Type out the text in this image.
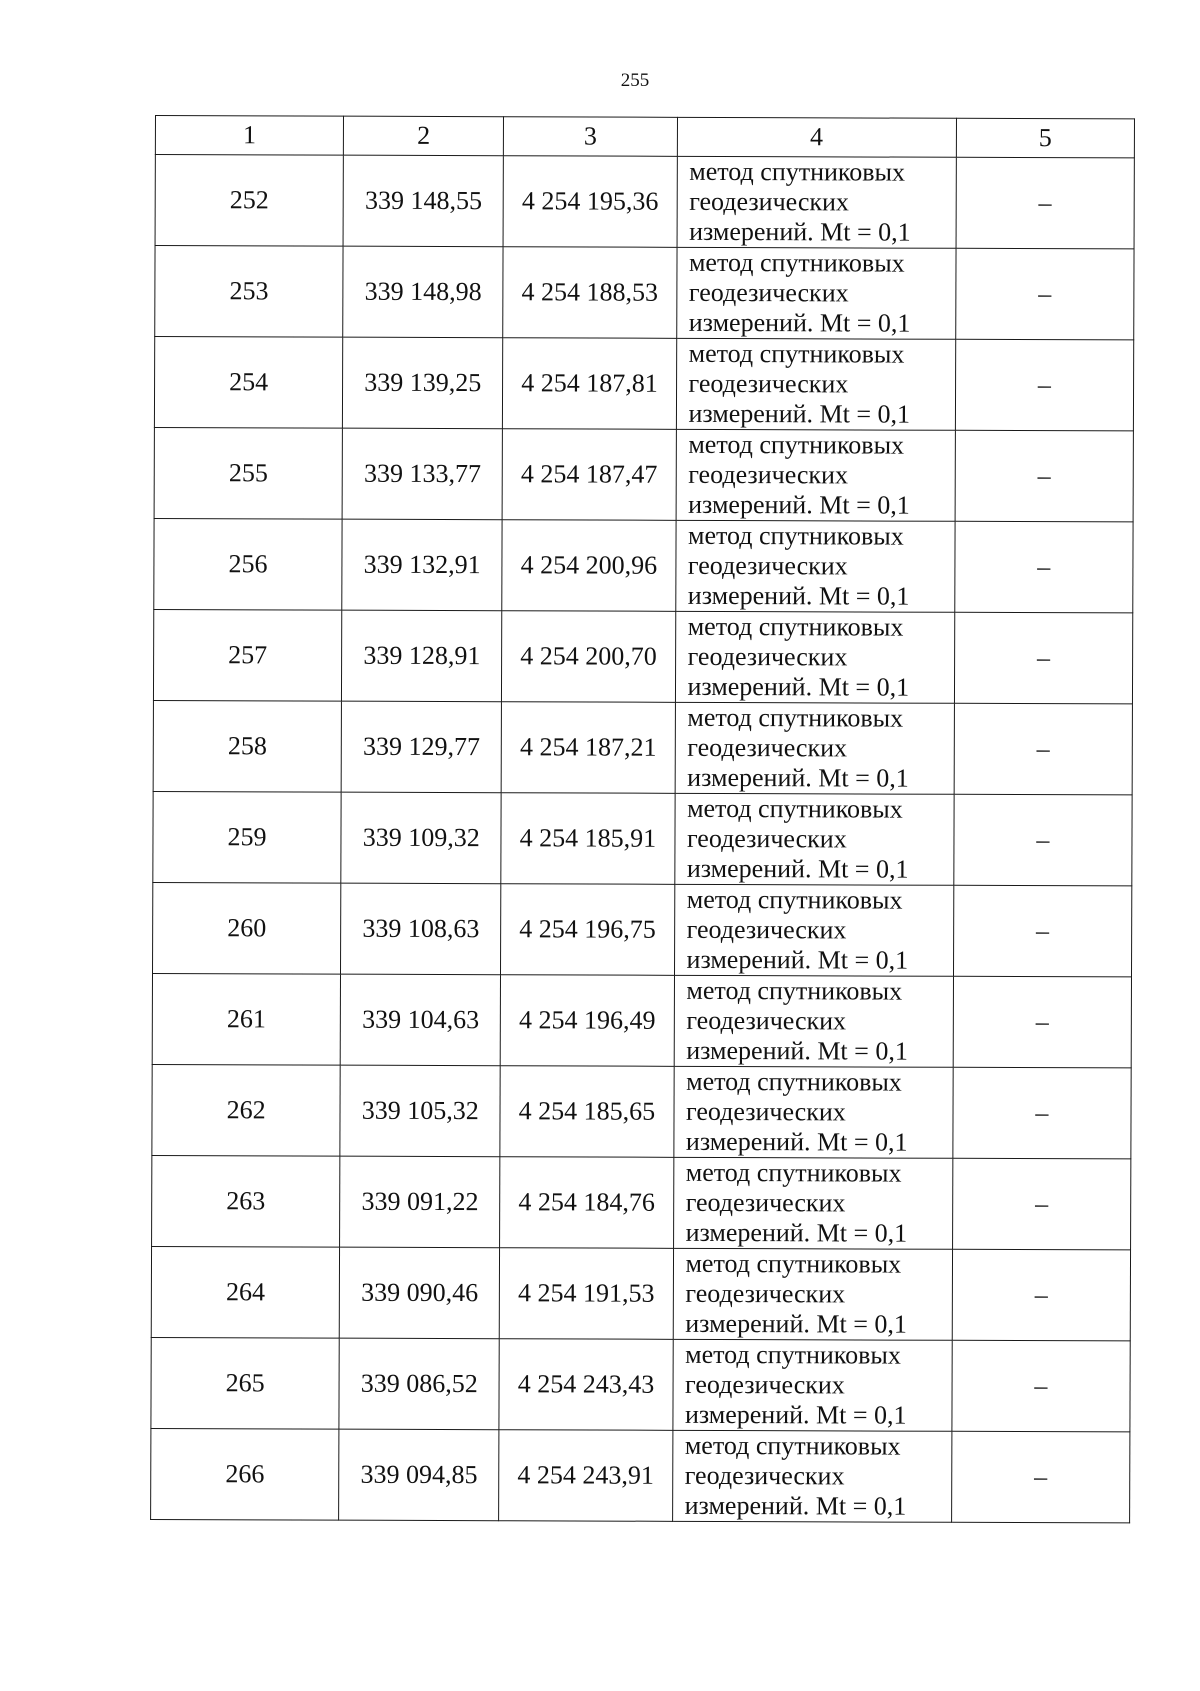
255
1	2	3	4	5
252	339 148,55	4 254 195,36	метод спутниковых
геодезических
измерений. Mt = 0,1	–
253	339 148,98	4 254 188,53	метод спутниковых
геодезических
измерений. Mt = 0,1	–
254	339 139,25	4 254 187,81	метод спутниковых
геодезических
измерений. Mt = 0,1	–
255	339 133,77	4 254 187,47	метод спутниковых
геодезических
измерений. Mt = 0,1	–
256	339 132,91	4 254 200,96	метод спутниковых
геодезических
измерений. Mt = 0,1	–
257	339 128,91	4 254 200,70	метод спутниковых
геодезических
измерений. Mt = 0,1	–
258	339 129,77	4 254 187,21	метод спутниковых
геодезических
измерений. Mt = 0,1	–
259	339 109,32	4 254 185,91	метод спутниковых
геодезических
измерений. Mt = 0,1	–
260	339 108,63	4 254 196,75	метод спутниковых
геодезических
измерений. Mt = 0,1	–
261	339 104,63	4 254 196,49	метод спутниковых
геодезических
измерений. Mt = 0,1	–
262	339 105,32	4 254 185,65	метод спутниковых
геодезических
измерений. Mt = 0,1	–
263	339 091,22	4 254 184,76	метод спутниковых
геодезических
измерений. Mt = 0,1	–
264	339 090,46	4 254 191,53	метод спутниковых
геодезических
измерений. Mt = 0,1	–
265	339 086,52	4 254 243,43	метод спутниковых
геодезических
измерений. Mt = 0,1	–
266	339 094,85	4 254 243,91	метод спутниковых
геодезических
измерений. Mt = 0,1	–
